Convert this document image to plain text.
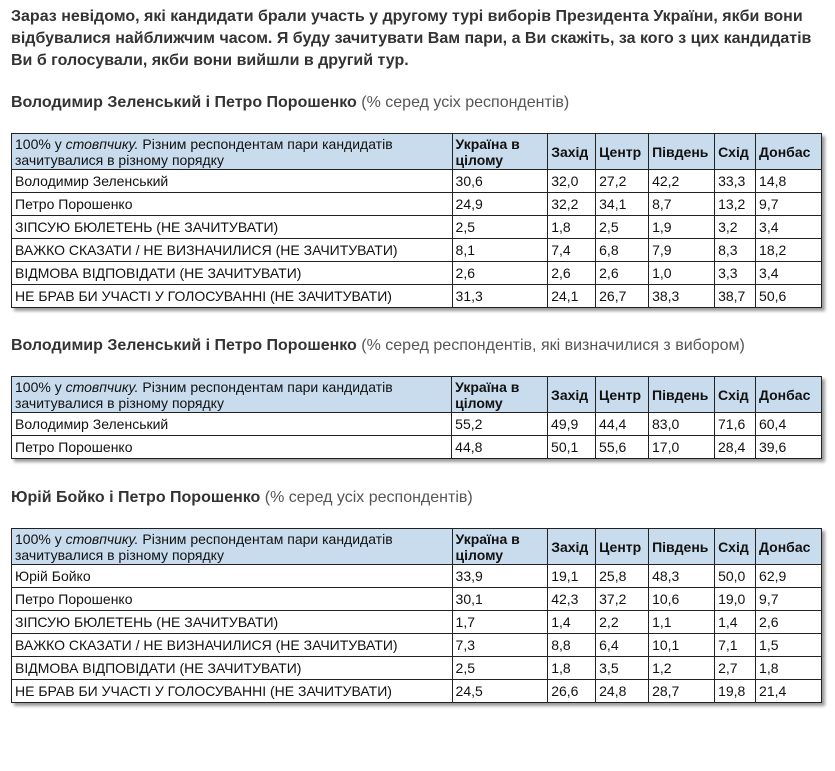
Зараз невідомо, які кандидати брали участь у другому турі виборів Президента України, якби вони відбувалися найближчим часом. Я буду зачитувати Вам пари, а Ви скажіть, за кого з цих кандидатів Ви б голосували, якби вони вийшли в другий тур.

Володимир Зеленський і Петро Порошенко (% серед усіх респондентів)

100% у стовпчику. Різним респондентам пари кандидатів зачитувалися в різному порядку	Україна в цілому	Захід	Центр	Південь	Схід	Донбас
Володимир Зеленський	30,6	32,0	27,2	42,2	33,3	14,8
Петро Порошенко	24,9	32,2	34,1	8,7	13,2	9,7
ЗІПСУЮ БЮЛЕТЕНЬ (НЕ ЗАЧИТУВАТИ)	2,5	1,8	2,5	1,9	3,2	3,4
ВАЖКО СКАЗАТИ / НЕ ВИЗНАЧИЛИСЯ (НЕ ЗАЧИТУВАТИ)	8,1	7,4	6,8	7,9	8,3	18,2
ВІДМОВА ВІДПОВІДАТИ (НЕ ЗАЧИТУВАТИ)	2,6	2,6	2,6	1,0	3,3	3,4
НЕ БРАВ БИ УЧАСТІ У ГОЛОСУВАННІ (НЕ ЗАЧИТУВАТИ)	31,3	24,1	26,7	38,3	38,7	50,6

Володимир Зеленський і Петро Порошенко (% серед респондентів, які визначилися з вибором)

100% у стовпчику. Різним респондентам пари кандидатів зачитувалися в різному порядку	Україна в цілому	Захід	Центр	Південь	Схід	Донбас
Володимир Зеленський	55,2	49,9	44,4	83,0	71,6	60,4
Петро Порошенко	44,8	50,1	55,6	17,0	28,4	39,6

Юрій Бойко і Петро Порошенко (% серед усіх респондентів)

100% у стовпчику. Різним респондентам пари кандидатів зачитувалися в різному порядку	Україна в цілому	Захід	Центр	Південь	Схід	Донбас
Юрій Бойко	33,9	19,1	25,8	48,3	50,0	62,9
Петро Порошенко	30,1	42,3	37,2	10,6	19,0	9,7
ЗІПСУЮ БЮЛЕТЕНЬ (НЕ ЗАЧИТУВАТИ)	1,7	1,4	2,2	1,1	1,4	2,6
ВАЖКО СКАЗАТИ / НЕ ВИЗНАЧИЛИСЯ (НЕ ЗАЧИТУВАТИ)	7,3	8,8	6,4	10,1	7,1	1,5
ВІДМОВА ВІДПОВІДАТИ (НЕ ЗАЧИТУВАТИ)	2,5	1,8	3,5	1,2	2,7	1,8
НЕ БРАВ БИ УЧАСТІ У ГОЛОСУВАННІ (НЕ ЗАЧИТУВАТИ)	24,5	26,6	24,8	28,7	19,8	21,4
